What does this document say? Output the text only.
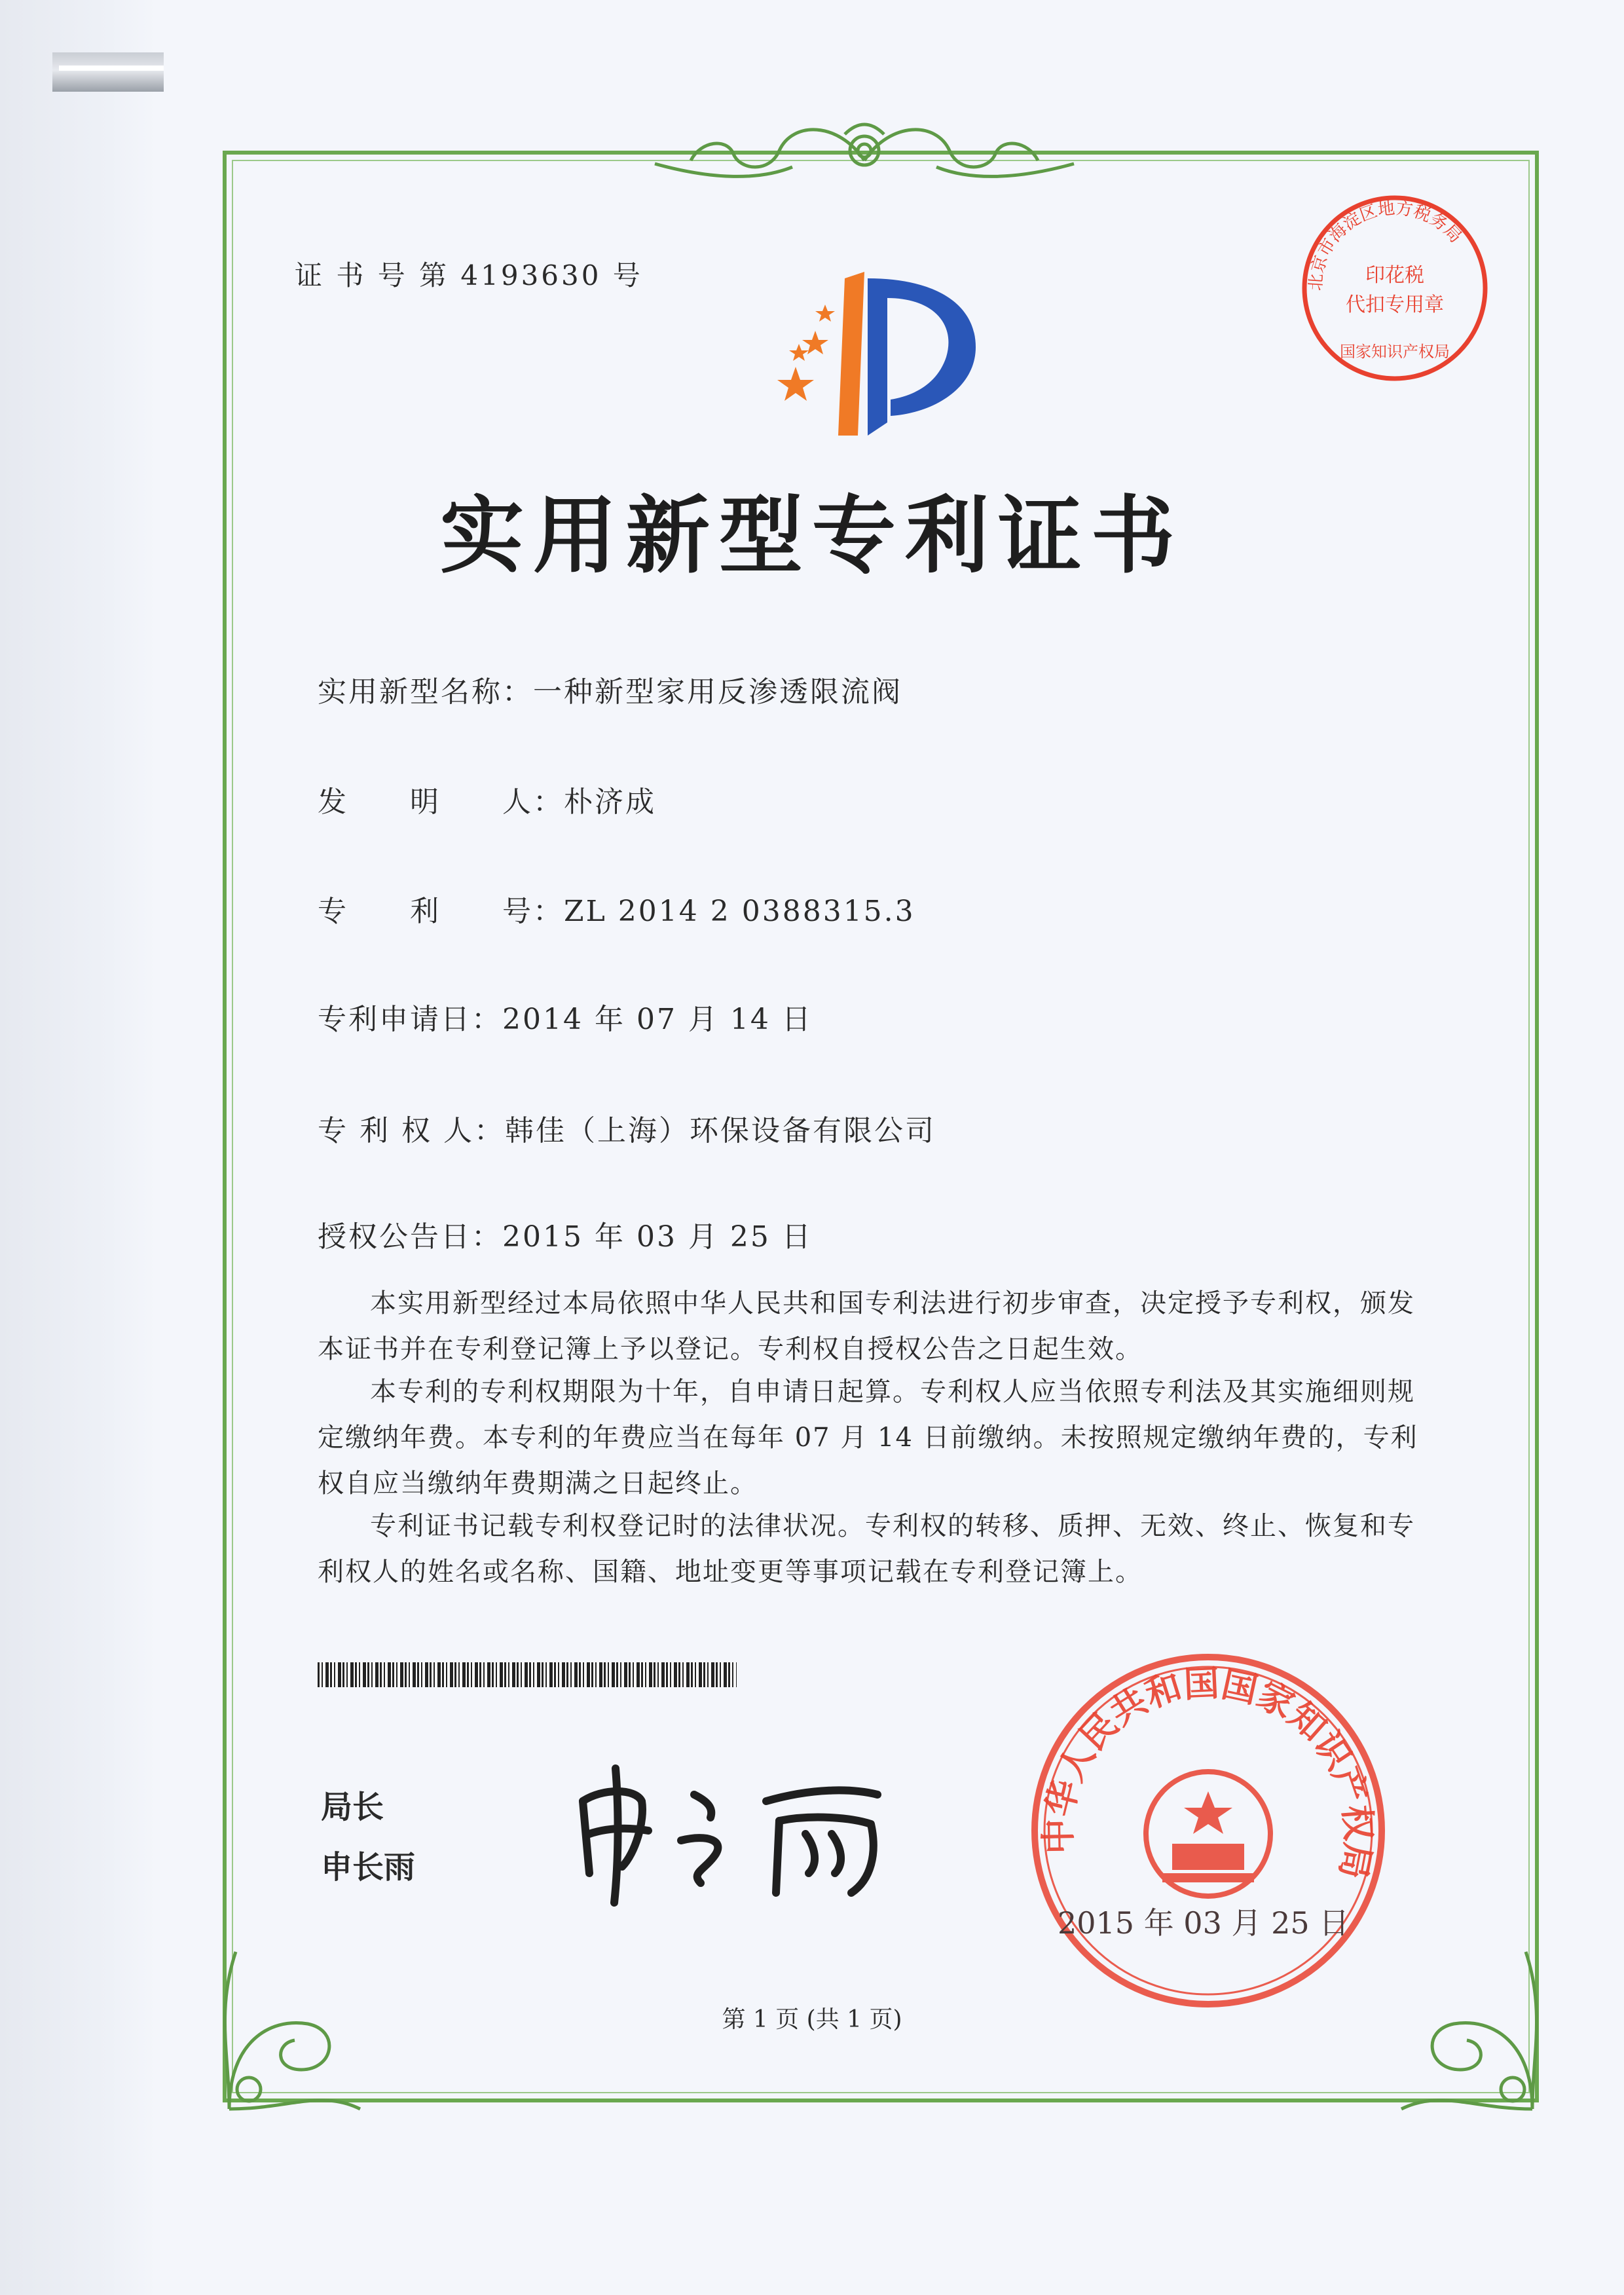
证 书 号 第 4193630 号	北京市海淀区地方税务局
印花税
代扣专用章
国家知识产权局
实用新型专利证书
实用新型名称：一种新型家用反渗透限流阀
发　　明　　人：朴济成
专　　利　　号：ZL 2014 2 0388315.3
专利申请日：2014 年 07 月 14 日
专 利 权 人：韩佳（上海）环保设备有限公司
授权公告日：2015 年 03 月 25 日
本实用新型经过本局依照中华人民共和国专利法进行初步审查，决定授予专利权，颁发本证书并在专利登记簿上予以登记。专利权自授权公告之日起生效。
本专利的专利权期限为十年，自申请日起算。专利权人应当依照专利法及其实施细则规定缴纳年费。本专利的年费应当在每年 07 月 14 日前缴纳。未按照规定缴纳年费的，专利权自应当缴纳年费期满之日起终止。
专利证书记载专利权登记时的法律状况。专利权的转移、质押、无效、终止、恢复和专利权人的姓名或名称、国籍、地址变更等事项记载在专利登记簿上。
局长
申长雨
中华人民共和国国家知识产权局
2015 年 03 月 25 日
第 1 页 (共 1 页)
